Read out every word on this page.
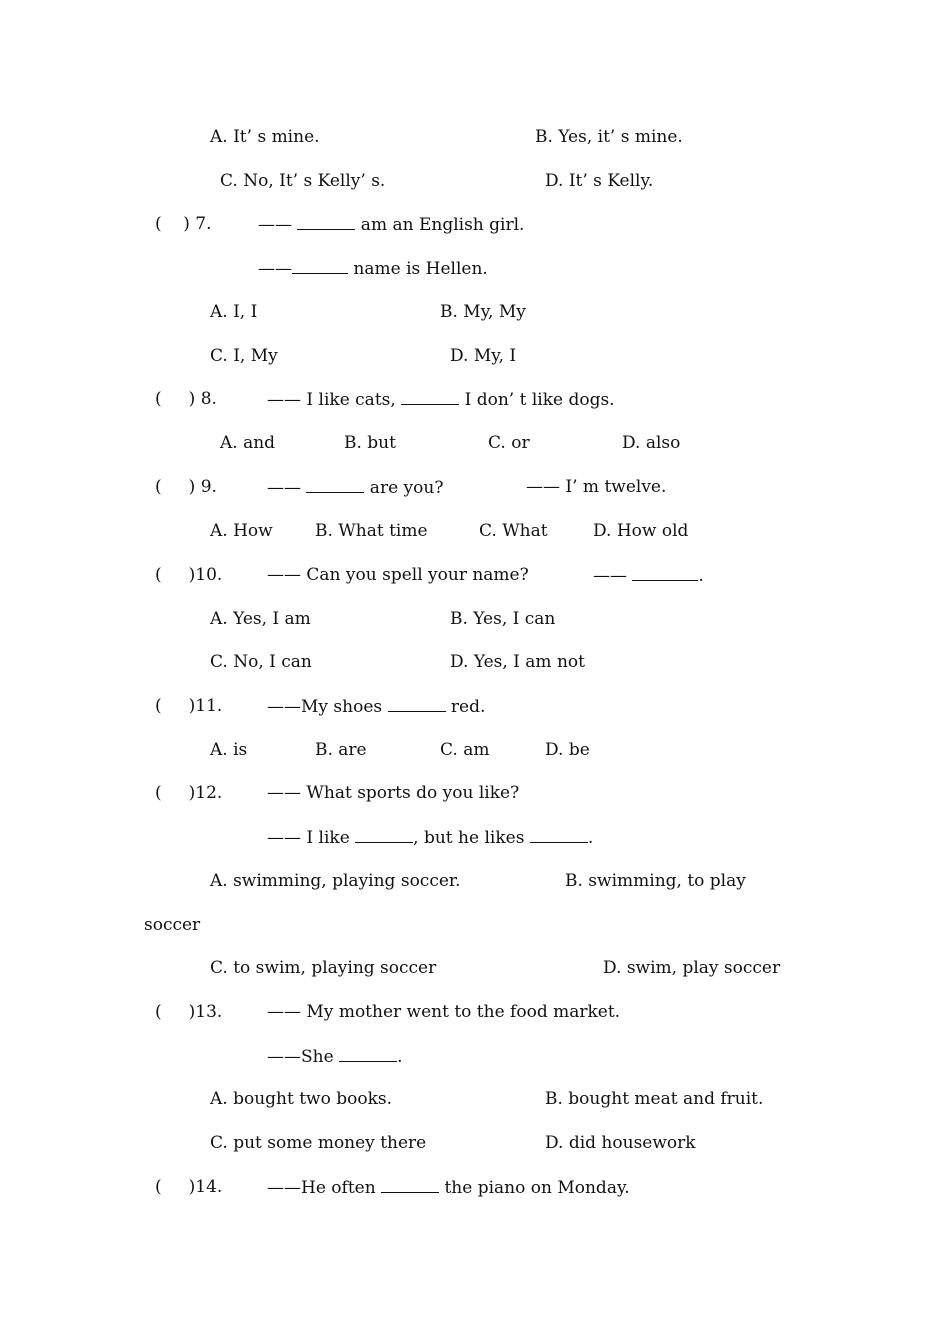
A. It’ s mine.	B. Yes, it’ s mine.
C. No, It’ s Kelly’ s.	D. It’ s Kelly.
(    ) 7.	——	am an English girl.
——	name is Hellen.
A. I, I	B. My, My
C. I, My	D. My, I
(     ) 8.	—— I like cats,	I don’ t like dogs.
A. and	B. but	C. or	D. also
(     ) 9.	——	are you?	—— I’ m twelve.
A. How B. What time	C. What	D. How old
(     )10.	—— Can you spell your name?	——	.
A. Yes, I am	B. Yes, I can
C. No, I can	D. Yes, I am not
(     )11.	——My shoes	red.
A. is	B. are	C. am	D. be
(     )12.	—— What sports do you like?
—— I like	, but he likes	.
A. swimming, playing soccer.	B. swimming, to play
soccer
C. to swim, playing soccer	D. swim, play soccer
(     )13.	—— My mother went to the food market.
——She	.
A. bought two books.	B. bought meat and fruit.
C. put some money there	D. did housework
(     )14.	——He often	the piano on Monday.
